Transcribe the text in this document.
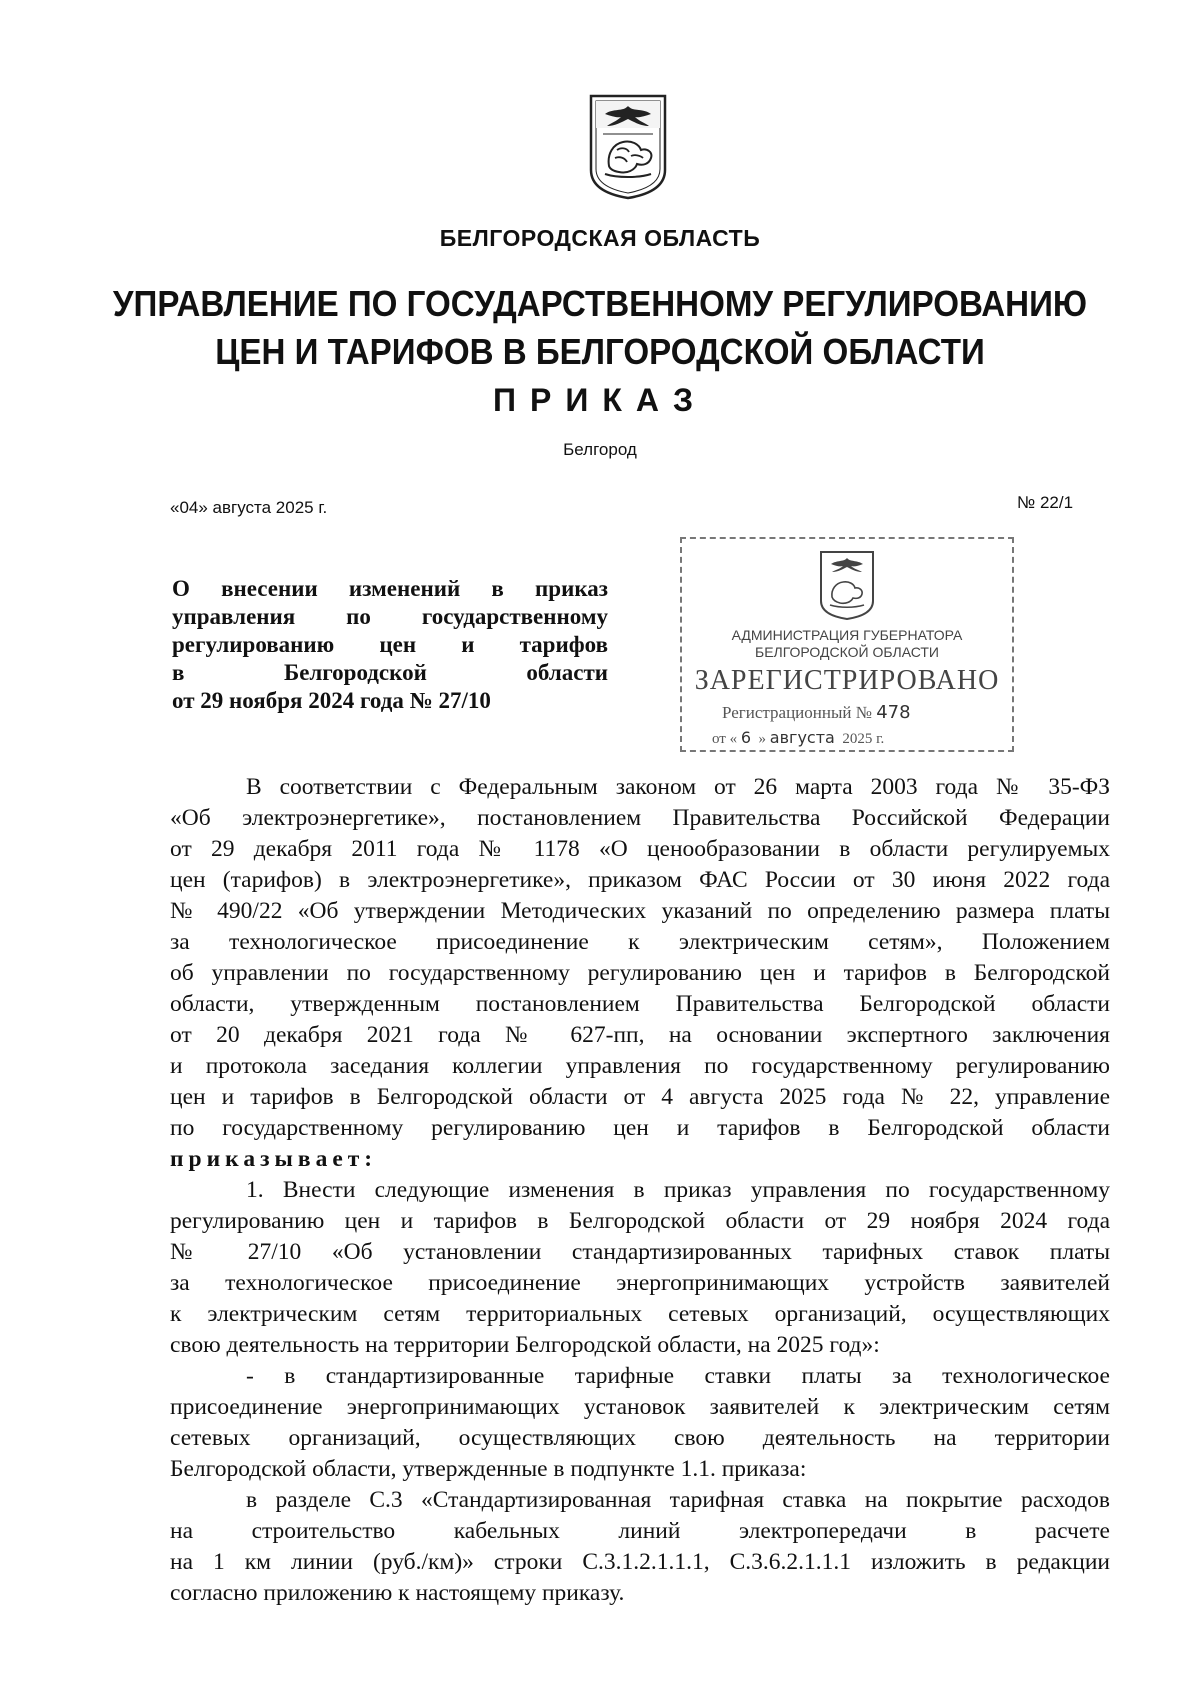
БЕЛГОРОДСКАЯ ОБЛАСТЬ
УПРАВЛЕНИЕ ПО ГОСУДАРСТВЕННОМУ РЕГУЛИРОВАНИЮ
ЦЕН И ТАРИФОВ В БЕЛГОРОДСКОЙ ОБЛАСТИ
ПРИКАЗ
Белгород
«04» августа 2025 г.	№ 22/1
О внесении изменений в приказ
управления по государственному
регулированию цен и тарифов
в Белгородской области
от 29 ноября 2024 года № 27/10
АДМИНИСТРАЦИЯ ГУБЕРНАТОРА
БЕЛГОРОДСКОЙ ОБЛАСТИ
ЗАРЕГИСТРИРОВАНО
Регистрационный № 478
от « 6 » августа 2025 г.
В соответствии с Федеральным законом от 26 марта 2003 года № 35-ФЗ
«Об электроэнергетике», постановлением Правительства Российской Федерации
от 29 декабря 2011 года № 1178 «О ценообразовании в области регулируемых
цен (тарифов) в электроэнергетике», приказом ФАС России от 30 июня 2022 года
№ 490/22 «Об утверждении Методических указаний по определению размера платы
за технологическое присоединение к электрическим сетям», Положением
об управлении по государственному регулированию цен и тарифов в Белгородской
области, утвержденным постановлением Правительства Белгородской области
от 20 декабря 2021 года № 627-пп, на основании экспертного заключения
и протокола заседания коллегии управления по государственному регулированию
цен и тарифов в Белгородской области от 4 августа 2025 года № 22, управление
по государственному регулированию цен и тарифов в Белгородской области
приказывает:
1. Внести следующие изменения в приказ управления по государственному
регулированию цен и тарифов в Белгородской области от 29 ноября 2024 года
№ 27/10 «Об установлении стандартизированных тарифных ставок платы
за технологическое присоединение энергопринимающих устройств заявителей
к электрическим сетям территориальных сетевых организаций, осуществляющих
свою деятельность на территории Белгородской области, на 2025 год»:
- в стандартизированные тарифные ставки платы за технологическое
присоединение энергопринимающих установок заявителей к электрическим сетям
сетевых организаций, осуществляющих свою деятельность на территории
Белгородской области, утвержденные в подпункте 1.1. приказа:
в разделе С.3 «Стандартизированная тарифная ставка на покрытие расходов
на строительство кабельных линий электропередачи в расчете
на 1 км линии (руб./км)» строки С.3.1.2.1.1.1, С.3.6.2.1.1.1 изложить в редакции
согласно приложению к настоящему приказу.
